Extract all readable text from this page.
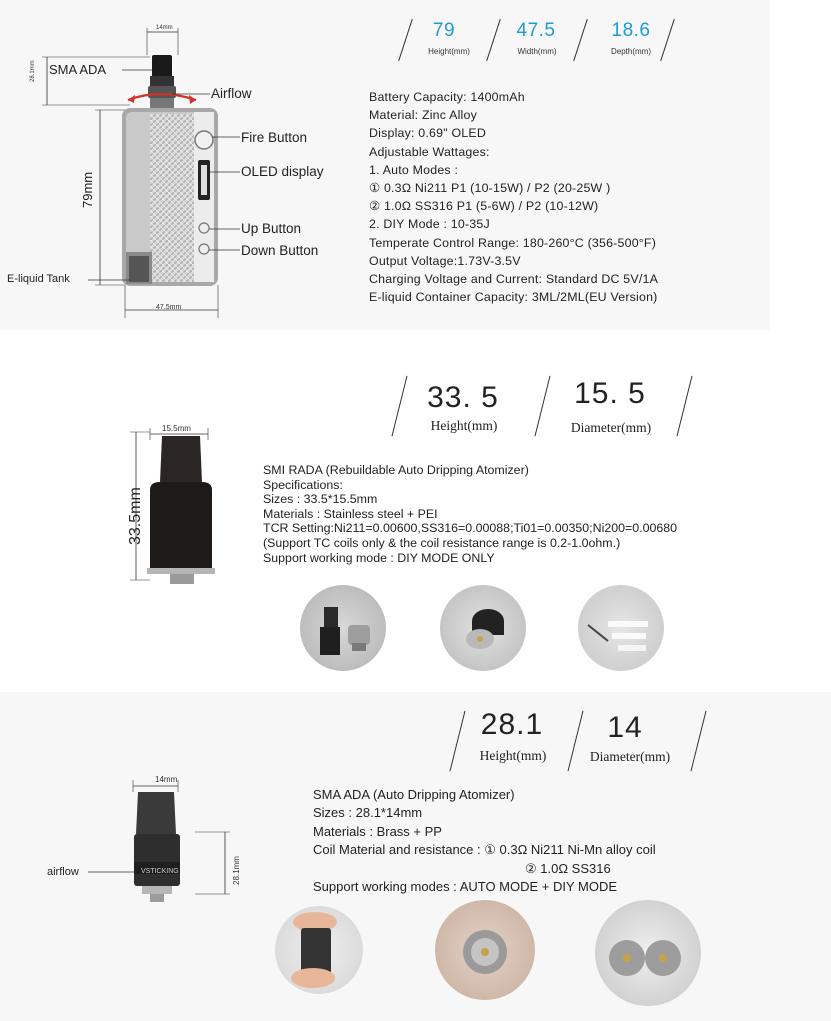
79
Height(mm)
47.5
Width(mm)
18.6
Depth(mm)
Battery Capacity: 1400mAh
Material: Zinc Alloy
Display: 0.69" OLED
Adjustable Wattages:
1. Auto Modes :
① 0.3Ω Ni211 P1 (10-15W) / P2 (20-25W )
② 1.0Ω SS316 P1 (5-6W) / P2 (10-12W)
2. DIY Mode : 10-35J
Temperate Control Range: 180-260°C (356-500°F)
Output Voltage:1.73V-3.5V
Charging Voltage and Current: Standard DC 5V/1A
E-liquid Container Capacity: 3ML/2ML(EU Version)
14mm
28.1mm
79mm
47.5mm
SMA ADA
Airflow
Fire Button
OLED display
Up Button
Down Button
E-liquid Tank
33. 5
Height(mm)
15. 5
Diameter(mm)
15.5mm
33.5mm
SMI RADA (Rebuildable Auto Dripping Atomizer)
Specifications:
Sizes : 33.5*15.5mm
Materials : Stainless steel + PEI
TCR Setting:Ni211=0.00600,SS316=0.00088;Ti01=0.00350;Ni200=0.00680
(Support TC coils only & the coil resistance range is 0.2-1.0ohm.)
Support working mode : DIY MODE ONLY
28.1
Height(mm)
14
Diameter(mm)
14mm
28.1mm
VSTICKING
airflow
SMA ADA (Auto Dripping Atomizer)
Sizes : 28.1*14mm
Materials : Brass + PP
Coil Material and resistance : ① 0.3Ω Ni211 Ni-Mn alloy coil
② 1.0Ω SS316
Support working modes : AUTO MODE + DIY MODE
